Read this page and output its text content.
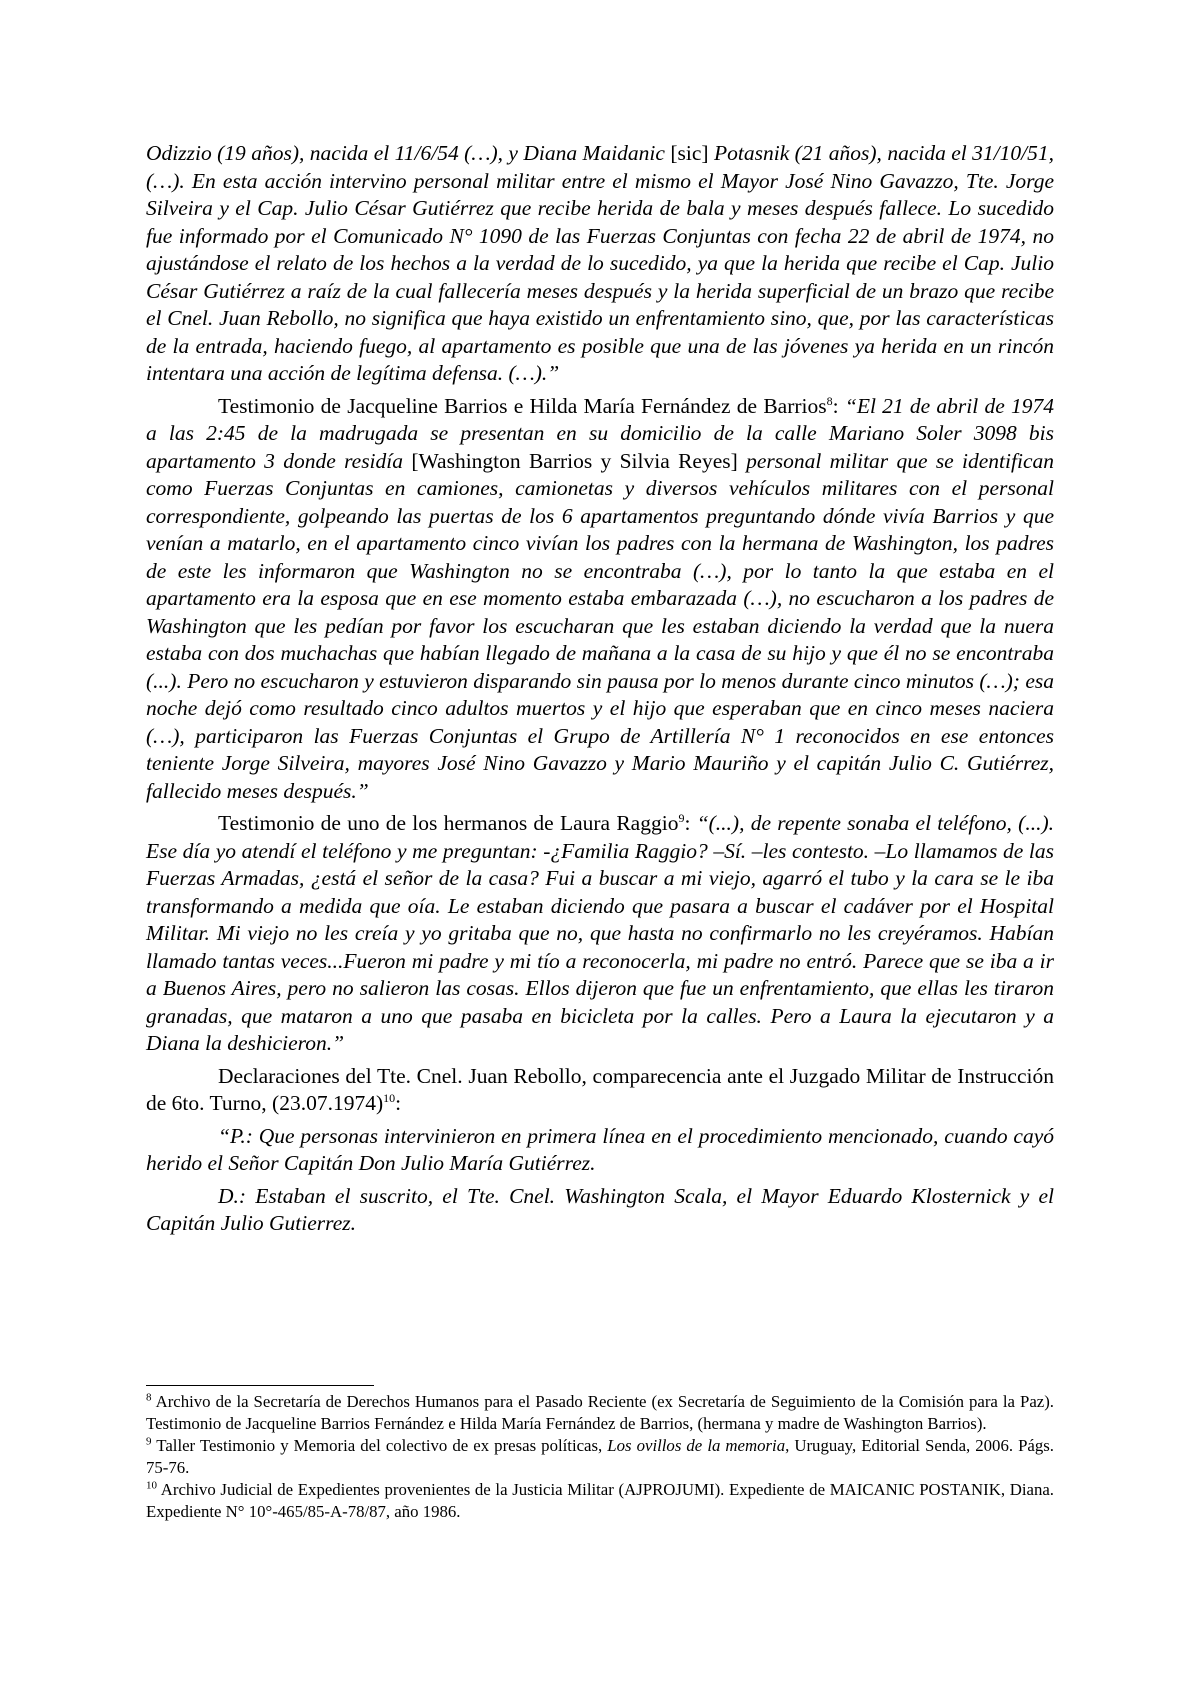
Odizzio (19 años), nacida el 11/6/54 (…), y Diana Maidanic [sic] Potasnik (21 años), nacida el 31/10/51, (…). En esta acción intervino personal militar entre el mismo el Mayor José Nino Gavazzo, Tte. Jorge Silveira y el Cap. Julio César Gutiérrez que recibe herida de bala y meses después fallece. Lo sucedido fue informado por el Comunicado N° 1090 de las Fuerzas Conjuntas con fecha 22 de abril de 1974, no ajustándose el relato de los hechos a la verdad de lo sucedido, ya que la herida que recibe el Cap. Julio César Gutiérrez a raíz de la cual fallecería meses después y la herida superficial de un brazo que recibe el Cnel. Juan Rebollo, no significa que haya existido un enfrentamiento sino, que, por las características de la entrada, haciendo fuego, al apartamento es posible que una de las jóvenes ya herida en un rincón intentara una acción de legítima defensa. (…).”

Testimonio de Jacqueline Barrios e Hilda María Fernández de Barrios$^8$: “El 21 de abril de 1974 a las 2:45 de la madrugada se presentan en su domicilio de la calle Mariano Soler 3098 bis apartamento 3 donde residía [Washington Barrios y Silvia Reyes] personal militar que se identifican como Fuerzas Conjuntas en camiones, camionetas y diversos vehículos militares con el personal correspondiente, golpeando las puertas de los 6 apartamentos preguntando dónde vivía Barrios y que venían a matarlo, en el apartamento cinco vivían los padres con la hermana de Washington, los padres de este les informaron que Washington no se encontraba (…), por lo tanto la que estaba en el apartamento era la esposa que en ese momento estaba embarazada (…), no escucharon a los padres de Washington que les pedían por favor los escucharan que les estaban diciendo la verdad que la nuera estaba con dos muchachas que habían llegado de mañana a la casa de su hijo y que él no se encontraba (...). Pero no escucharon y estuvieron disparando sin pausa por lo menos durante cinco minutos (…); esa noche dejó como resultado cinco adultos muertos y el hijo que esperaban que en cinco meses naciera (…), participaron las Fuerzas Conjuntas el Grupo de Artillería N° 1 reconocidos en ese entonces teniente Jorge Silveira, mayores José Nino Gavazzo y Mario Mauriño y el capitán Julio C. Gutiérrez, fallecido meses después.”

Testimonio de uno de los hermanos de Laura Raggio$^9$: “(...), de repente sonaba el teléfono, (...). Ese día yo atendí el teléfono y me preguntan: -¿Familia Raggio? –Sí. –les contesto. –Lo llamamos de las Fuerzas Armadas, ¿está el señor de la casa? Fui a buscar a mi viejo, agarró el tubo y la cara se le iba transformando a medida que oía. Le estaban diciendo que pasara a buscar el cadáver por el Hospital Militar. Mi viejo no les creía y yo gritaba que no, que hasta no confirmarlo no les creyéramos. Habían llamado tantas veces...Fueron mi padre y mi tío a reconocerla, mi padre no entró. Parece que se iba a ir a Buenos Aires, pero no salieron las cosas. Ellos dijeron que fue un enfrentamiento, que ellas les tiraron granadas, que mataron a uno que pasaba en bicicleta por la calles. Pero a Laura la ejecutaron y a Diana la deshicieron.”

Declaraciones del Tte. Cnel. Juan Rebollo, comparecencia ante el Juzgado Militar de Instrucción de 6to. Turno, $(23.07.1974)^{10}$:

“P.: Que personas intervinieron en primera línea en el procedimiento mencionado, cuando cayó herido el Señor Capitán Don Julio María Gutiérrez.

D.: Estaban el suscrito, el Tte. Cnel. Washington Scala, el Mayor Eduardo Klosternick y el Capitán Julio Gutierrez.

$^8$ Archivo de la Secretaría de Derechos Humanos para el Pasado Reciente (ex Secretaría de Seguimiento de la Comisión para la Paz). Testimonio de Jacqueline Barrios Fernández e Hilda María Fernández de Barrios, (hermana y madre de Washington Barrios).

$^9$ Taller Testimonio y Memoria del colectivo de ex presas políticas, Los ovillos de la memoria, Uruguay, Editorial Senda, 2006. Págs. 75-76.

$^{10}$ Archivo Judicial de Expedientes provenientes de la Justicia Militar (AJPROJUMI). Expediente de MAICANIC POSTANIK, Diana. Expediente N° 10°-465/85-A-78/87, año 1986.
